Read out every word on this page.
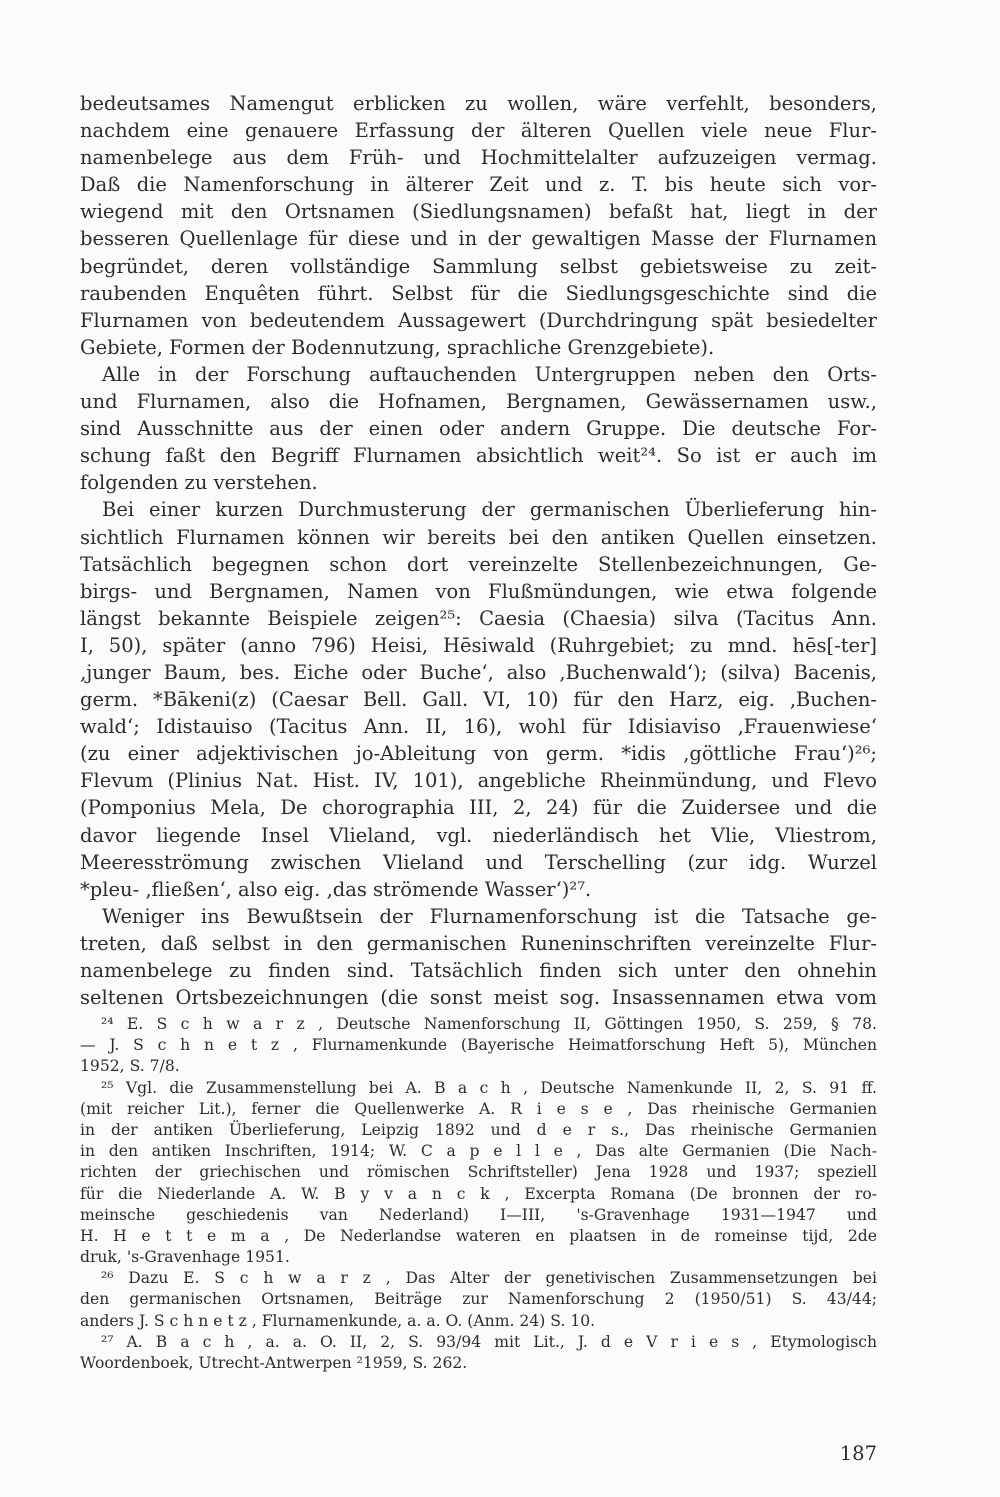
bedeutsames Namengut erblicken zu wollen, wäre verfehlt, besonders,
nachdem eine genauere Erfassung der älteren Quellen viele neue Flur-
namenbelege aus dem Früh- und Hochmittelalter aufzuzeigen vermag.
Daß die Namenforschung in älterer Zeit und z. T. bis heute sich vor-
wiegend mit den Ortsnamen (Siedlungsnamen) befaßt hat, liegt in der
besseren Quellenlage für diese und in der gewaltigen Masse der Flurnamen
begründet, deren vollständige Sammlung selbst gebietsweise zu zeit-
raubenden Enquêten führt. Selbst für die Siedlungsgeschichte sind die
Flurnamen von bedeutendem Aussagewert (Durchdringung spät besiedelter
Gebiete, Formen der Bodennutzung, sprachliche Grenzgebiete).
Alle in der Forschung auftauchenden Untergruppen neben den Orts-
und Flurnamen, also die Hofnamen, Bergnamen, Gewässernamen usw.,
sind Ausschnitte aus der einen oder andern Gruppe. Die deutsche For-
schung faßt den Begriff Flurnamen absichtlich weit²⁴. So ist er auch im
folgenden zu verstehen.
Bei einer kurzen Durchmusterung der germanischen Überlieferung hin-
sichtlich Flurnamen können wir bereits bei den antiken Quellen einsetzen.
Tatsächlich begegnen schon dort vereinzelte Stellenbezeichnungen, Ge-
birgs- und Bergnamen, Namen von Flußmündungen, wie etwa folgende
längst bekannte Beispiele zeigen²⁵: Caesia (Chaesia) silva (Tacitus Ann.
I, 50), später (anno 796) Heisi, Hēsiwald (Ruhrgebiet; zu mnd. hēs[-ter]
‚junger Baum, bes. Eiche oder Buche‘, also ‚Buchenwald‘); (silva) Bacenis,
germ. *Bākeni(z) (Caesar Bell. Gall. VI, 10) für den Harz, eig. ‚Buchen-
wald‘; Idistauiso (Tacitus Ann. II, 16), wohl für Idisiaviso ‚Frauenwiese‘
(zu einer adjektivischen jo-Ableitung von germ. *idis ‚göttliche Frau‘)²⁶;
Flevum (Plinius Nat. Hist. IV, 101), angebliche Rheinmündung, und Flevo
(Pomponius Mela, De chorographia III, 2, 24) für die Zuidersee und die
davor liegende Insel Vlieland, vgl. niederländisch het Vlie, Vliestrom,
Meeresströmung zwischen Vlieland und Terschelling (zur idg. Wurzel
*pleu- ‚fließen‘, also eig. ‚das strömende Wasser‘)²⁷.
Weniger ins Bewußtsein der Flurnamenforschung ist die Tatsache ge-
treten, daß selbst in den germanischen Runeninschriften vereinzelte Flur-
namenbelege zu finden sind. Tatsächlich finden sich unter den ohnehin
seltenen Ortsbezeichnungen (die sonst meist sog. Insassennamen etwa vom
²⁴ E. S c h w a r z , Deutsche Namenforschung II, Göttingen 1950, S. 259, § 78.
— J. S c h n e t z , Flurnamenkunde (Bayerische Heimatforschung Heft 5), München
1952, S. 7/8.
²⁵ Vgl. die Zusammenstellung bei A. B a c h , Deutsche Namenkunde II, 2, S. 91 ff.
(mit reicher Lit.), ferner die Quellenwerke A. R i e s e , Das rheinische Germanien
in der antiken Überlieferung, Leipzig 1892 und d e r s., Das rheinische Germanien
in den antiken Inschriften, 1914; W. C a p e l l e , Das alte Germanien (Die Nach-
richten der griechischen und römischen Schriftsteller) Jena 1928 und 1937; speziell
für die Niederlande A. W. B y v a n c k , Excerpta Romana (De bronnen der ro-
meinsche geschiedenis van Nederland) I—III, 's-Gravenhage 1931—1947 und
H. H e t t e m a , De Nederlandse wateren en plaatsen in de romeinse tijd, 2de
druk, 's-Gravenhage 1951.
²⁶ Dazu E. S c h w a r z , Das Alter der genetivischen Zusammensetzungen bei
den germanischen Ortsnamen, Beiträge zur Namenforschung 2 (1950/51) S. 43/44;
anders J. S c h n e t z , Flurnamenkunde, a. a. O. (Anm. 24) S. 10.
²⁷ A. B a c h , a. a. O. II, 2, S. 93/94 mit Lit., J. d e V r i e s , Etymologisch
Woordenboek, Utrecht-Antwerpen ²1959, S. 262.
187
